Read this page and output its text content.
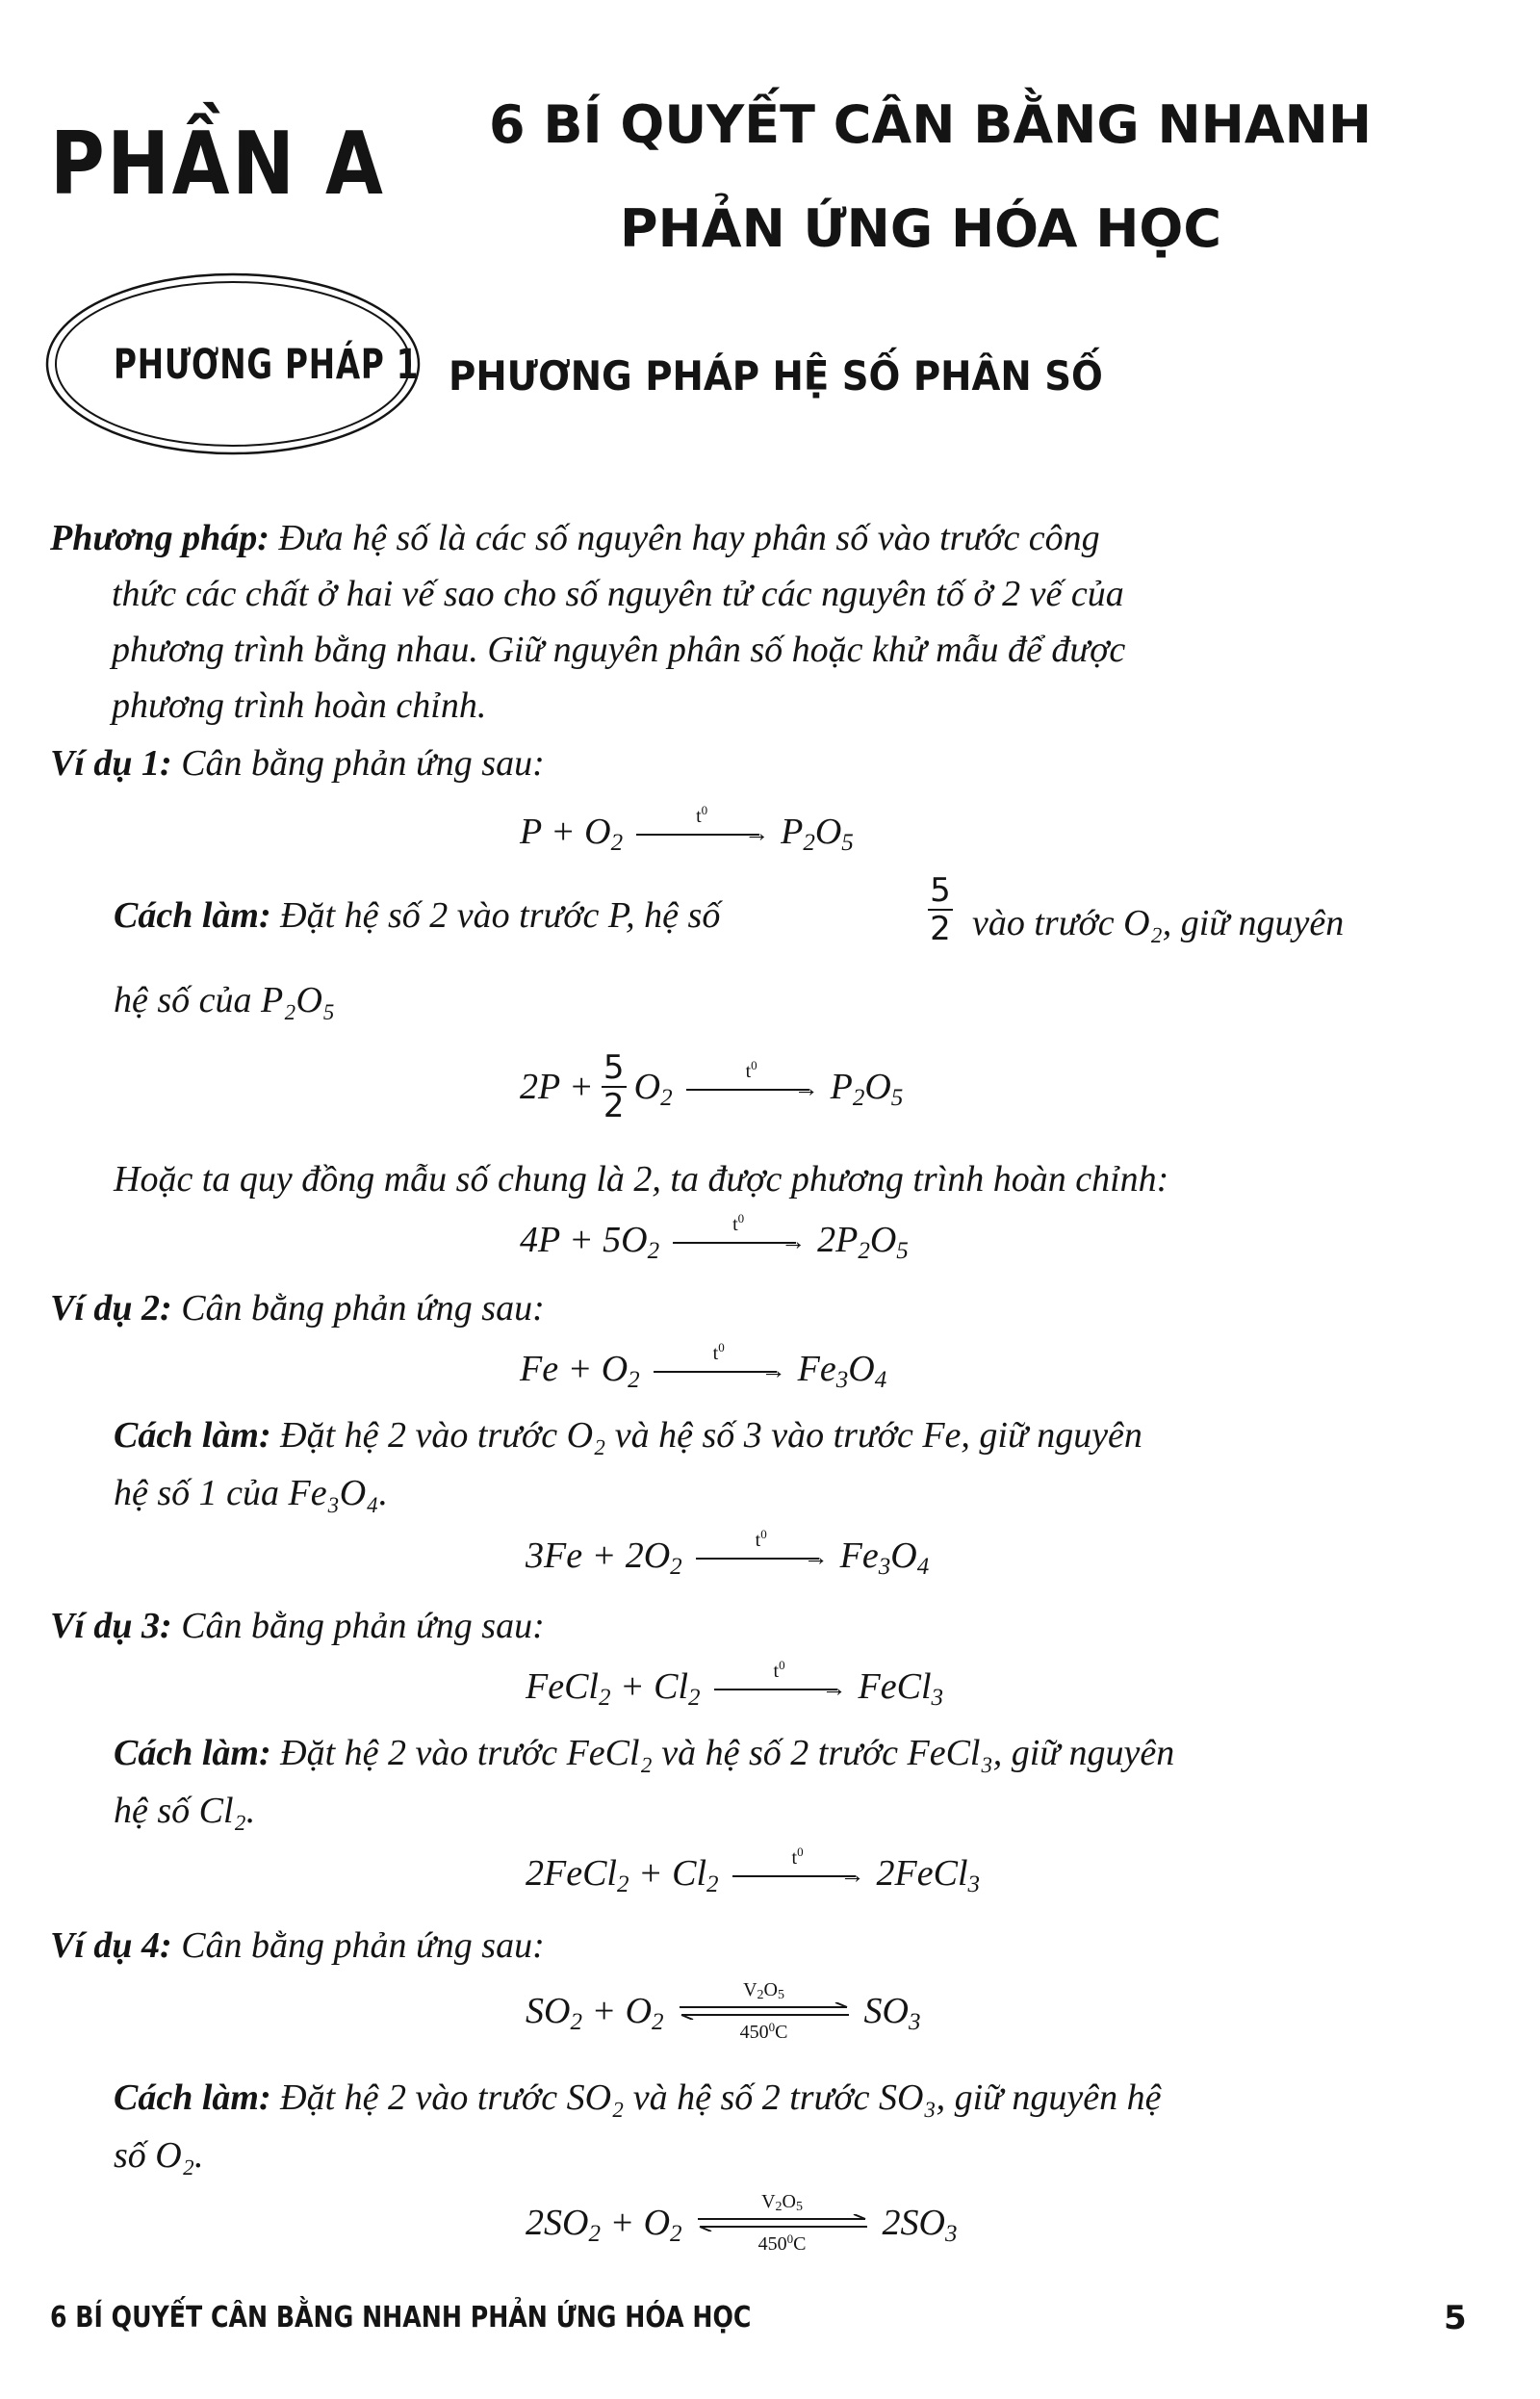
PHẦN A 6 BÍ QUYẾT CÂN BẰNG NHANH
PHẢN ỨNG HÓA HỌC
PHƯƠNG PHÁP 1 PHƯƠNG PHÁP HỆ SỐ PHÂN SỐ
Phương pháp: Đưa hệ số là các số nguyên hay phân số vào trước công
thức các chất ở hai vế sao cho số nguyên tử các nguyên tố ở 2 vế của
phương trình bằng nhau. Giữ nguyên phân số hoặc khử mẫu để được
phương trình hoàn chỉnh.
Ví dụ 1: Cân bằng phản ứng sau:
$P + O_2$
$t^0$
→ $P_2O_5$
Cách làm: Đặt hệ số 2 vào trước P, hệ số
5
2 vào trước O₂, giữ nguyên
hệ số của P₂O₅
$2P + \frac{5}{2} O_2$
$t^0$
→ $P_2O_5$
Hoặc ta quy đồng mẫu số chung là 2, ta được phương trình hoàn chỉnh:
$4P + 5O_2$
$t^0$
→ $2P_2O_5$
Ví dụ 2: Cân bằng phản ứng sau:
$Fe + O_2$
$t^0$
→ $Fe_3O_4$
Cách làm: Đặt hệ 2 vào trước O₂ và hệ số 3 vào trước Fe, giữ nguyên
hệ số 1 của Fe₃O₄.
$3Fe + 2O_2$
$t^0$
→ $Fe_3O_4$
Ví dụ 3: Cân bằng phản ứng sau:
FeCl$_2$ + $Cl_2$
$t^0$
→ FeCl$_3$
Cách làm: Đặt hệ 2 vào trước FeCl₂ và hệ số 2 trước FeCl₃, giữ nguyên
hệ số Cl₂.
2FeCl$_2$ + $Cl_2$
$t^0$
→ 2FeCl$_3$
Ví dụ 4: Cân bằng phản ứng sau:
$SO_2 + O_2$
$V_2O_5$
$450^0C$
$SO_3$
Cách làm: Đặt hệ 2 vào trước SO₂ và hệ số 2 trước SO₃, giữ nguyên hệ
số O₂.
$2SO_2 + O_2$
$V_2O_5$
$450^0C$
$2SO_3$
6 BÍ QUYẾT CÂN BẰNG NHANH PHẢN ỨNG HÓA HỌC	5
